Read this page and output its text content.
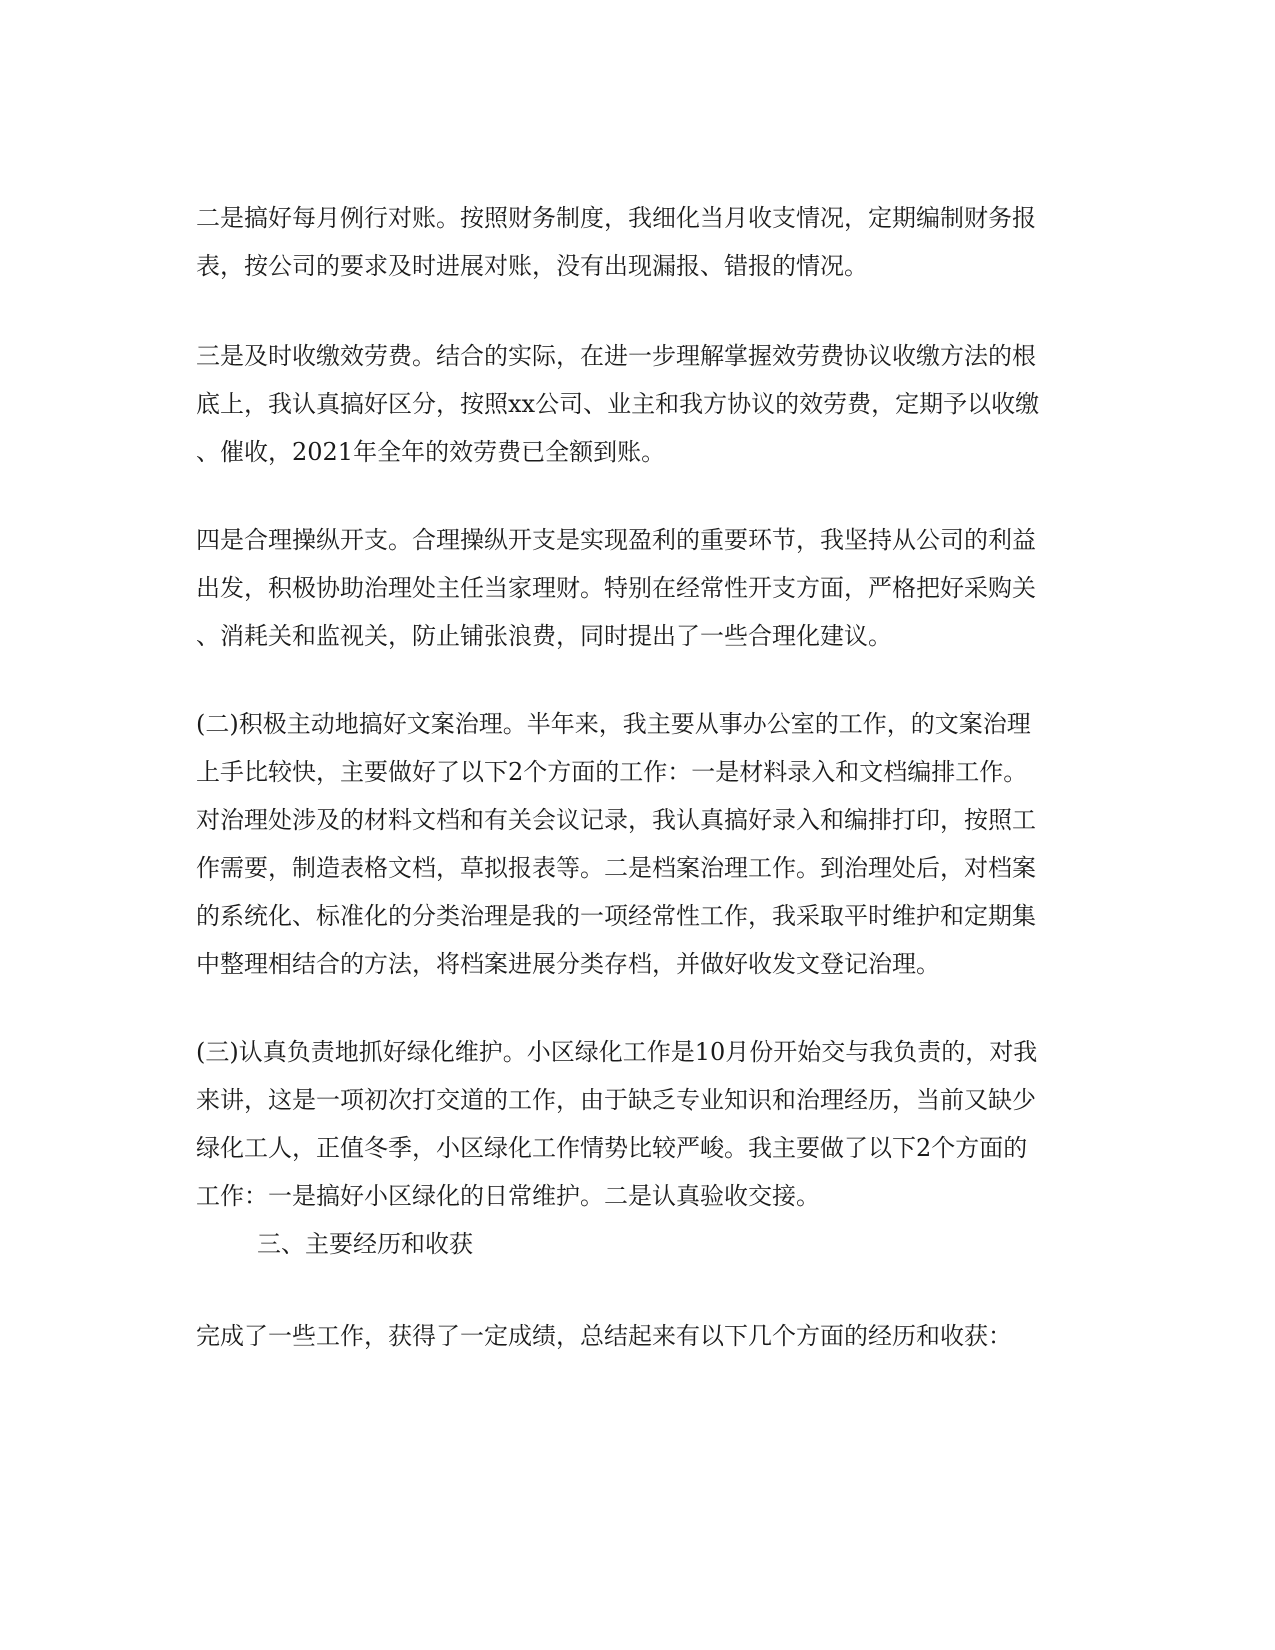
二是搞好每月例行对账。按照财务制度，我细化当月收支情况，定期编制财务报
表，按公司的要求及时进展对账，没有出现漏报、错报的情况。
三是及时收缴效劳费。结合的实际，在进一步理解掌握效劳费协议收缴方法的根
底上，我认真搞好区分，按照xx公司、业主和我方协议的效劳费，定期予以收缴
、催收，2021年全年的效劳费已全额到账。
四是合理操纵开支。合理操纵开支是实现盈利的重要环节，我坚持从公司的利益
出发，积极协助治理处主任当家理财。特别在经常性开支方面，严格把好采购关
、消耗关和监视关，防止铺张浪费，同时提出了一些合理化建议。
(二)积极主动地搞好文案治理。半年来，我主要从事办公室的工作，的文案治理
上手比较快，主要做好了以下2个方面的工作：一是材料录入和文档编排工作。
对治理处涉及的材料文档和有关会议记录，我认真搞好录入和编排打印，按照工
作需要，制造表格文档，草拟报表等。二是档案治理工作。到治理处后，对档案
的系统化、标准化的分类治理是我的一项经常性工作，我采取平时维护和定期集
中整理相结合的方法，将档案进展分类存档，并做好收发文登记治理。
(三)认真负责地抓好绿化维护。小区绿化工作是10月份开始交与我负责的，对我
来讲，这是一项初次打交道的工作，由于缺乏专业知识和治理经历，当前又缺少
绿化工人，正值冬季，小区绿化工作情势比较严峻。我主要做了以下2个方面的
工作：一是搞好小区绿化的日常维护。二是认真验收交接。
三、主要经历和收获
完成了一些工作，获得了一定成绩，总结起来有以下几个方面的经历和收获：
